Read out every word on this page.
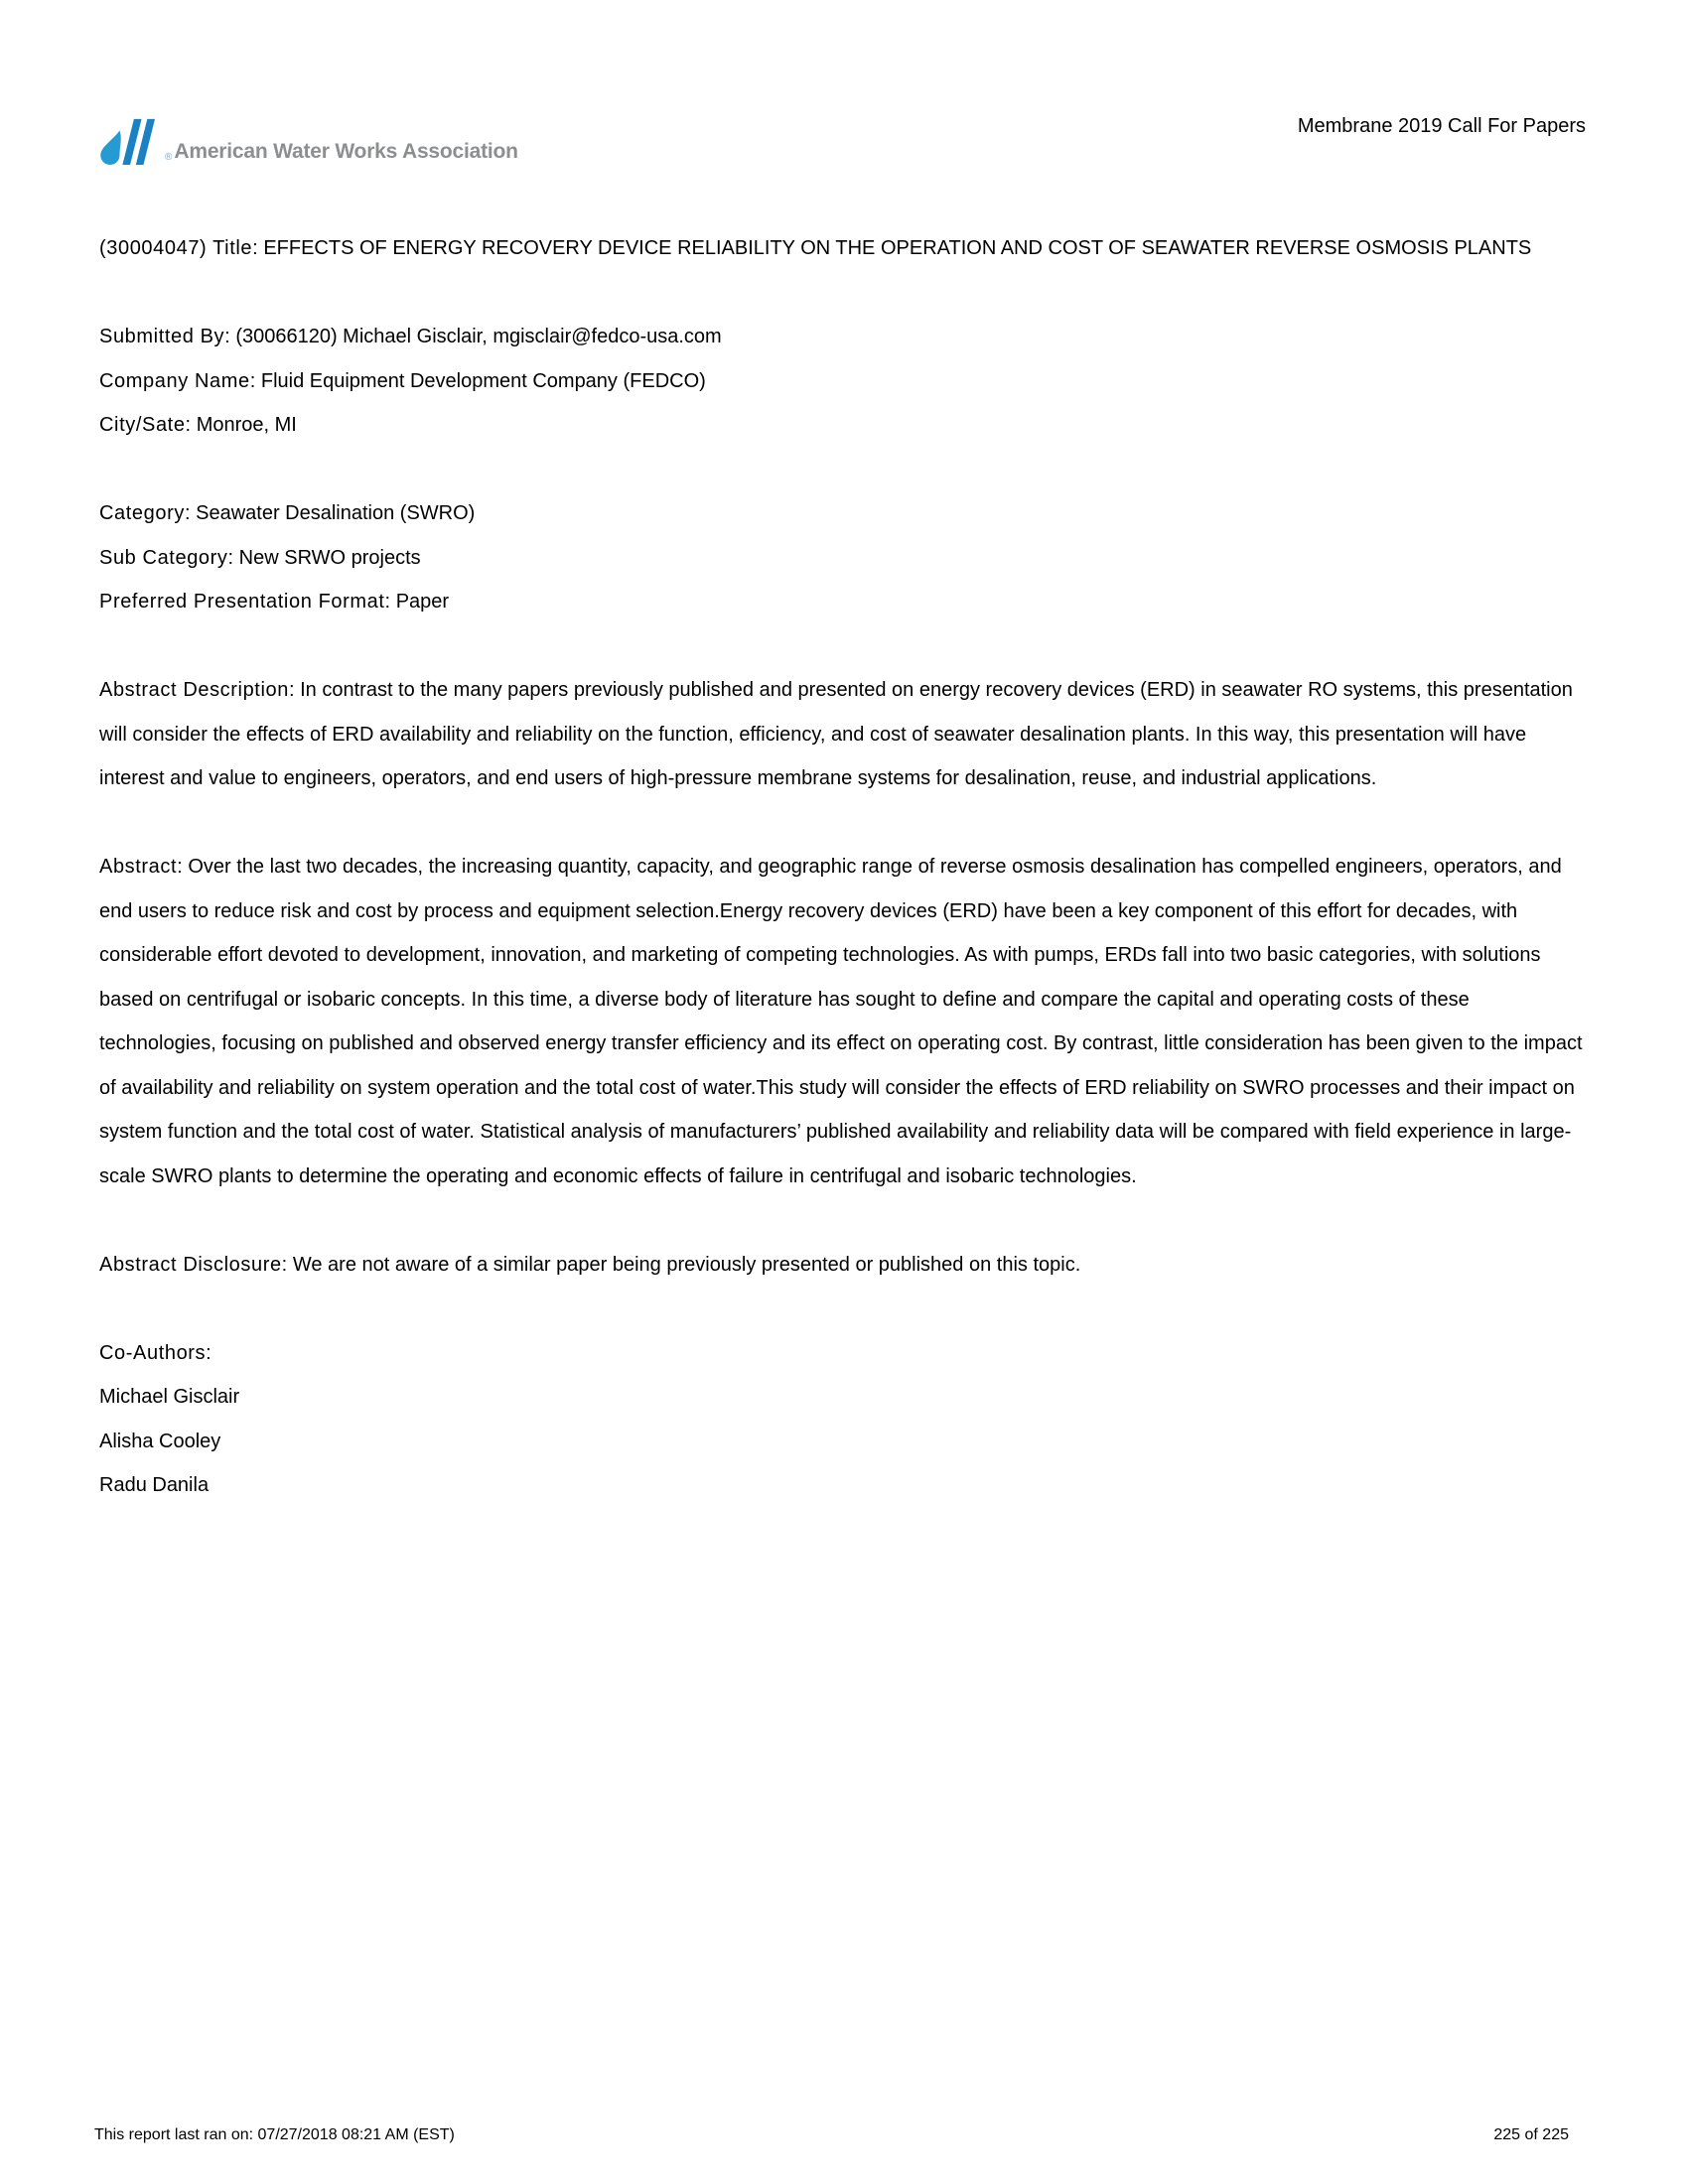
® American Water Works Association
Membrane 2019 Call For Papers

(30004047) Title: EFFECTS OF ENERGY RECOVERY DEVICE RELIABILITY ON THE OPERATION AND COST OF SEAWATER REVERSE OSMOSIS PLANTS

Submitted By: (30066120) Michael Gisclair, mgisclair@fedco-usa.com
Company Name: Fluid Equipment Development Company (FEDCO)
City/Sate: Monroe, MI
Category: Seawater Desalination (SWRO)
Sub Category: New SRWO projects
Preferred Presentation Format: Paper

Abstract Description: In contrast to the many papers previously published and presented on energy recovery devices (ERD) in seawater RO systems, this presentation will consider the effects of ERD availability and reliability on the function, efficiency, and cost of seawater desalination plants. In this way, this presentation will have interest and value to engineers, operators, and end users of high-pressure membrane systems for desalination, reuse, and industrial applications.

Abstract: Over the last two decades, the increasing quantity, capacity, and geographic range of reverse osmosis desalination has compelled engineers, operators, and end users to reduce risk and cost by process and equipment selection.Energy recovery devices (ERD) have been a key component of this effort for decades, with considerable effort devoted to development, innovation, and marketing of competing technologies. As with pumps, ERDs fall into two basic categories, with solutions based on centrifugal or isobaric concepts. In this time, a diverse body of literature has sought to define and compare the capital and operating costs of these technologies, focusing on published and observed energy transfer efficiency and its effect on operating cost. By contrast, little consideration has been given to the impact of availability and reliability on system operation and the total cost of water.This study will consider the effects of ERD reliability on SWRO processes and their impact on system function and the total cost of water. Statistical analysis of manufacturers’ published availability and reliability data will be compared with field experience in large-scale SWRO plants to determine the operating and economic effects of failure in centrifugal and isobaric technologies.

Abstract Disclosure: We are not aware of a similar paper being previously presented or published on this topic.

Co-Authors:
Michael Gisclair
Alisha Cooley
Radu Danila
This report last ran on: 07/27/2018 08:21 AM (EST)	225 of 225
